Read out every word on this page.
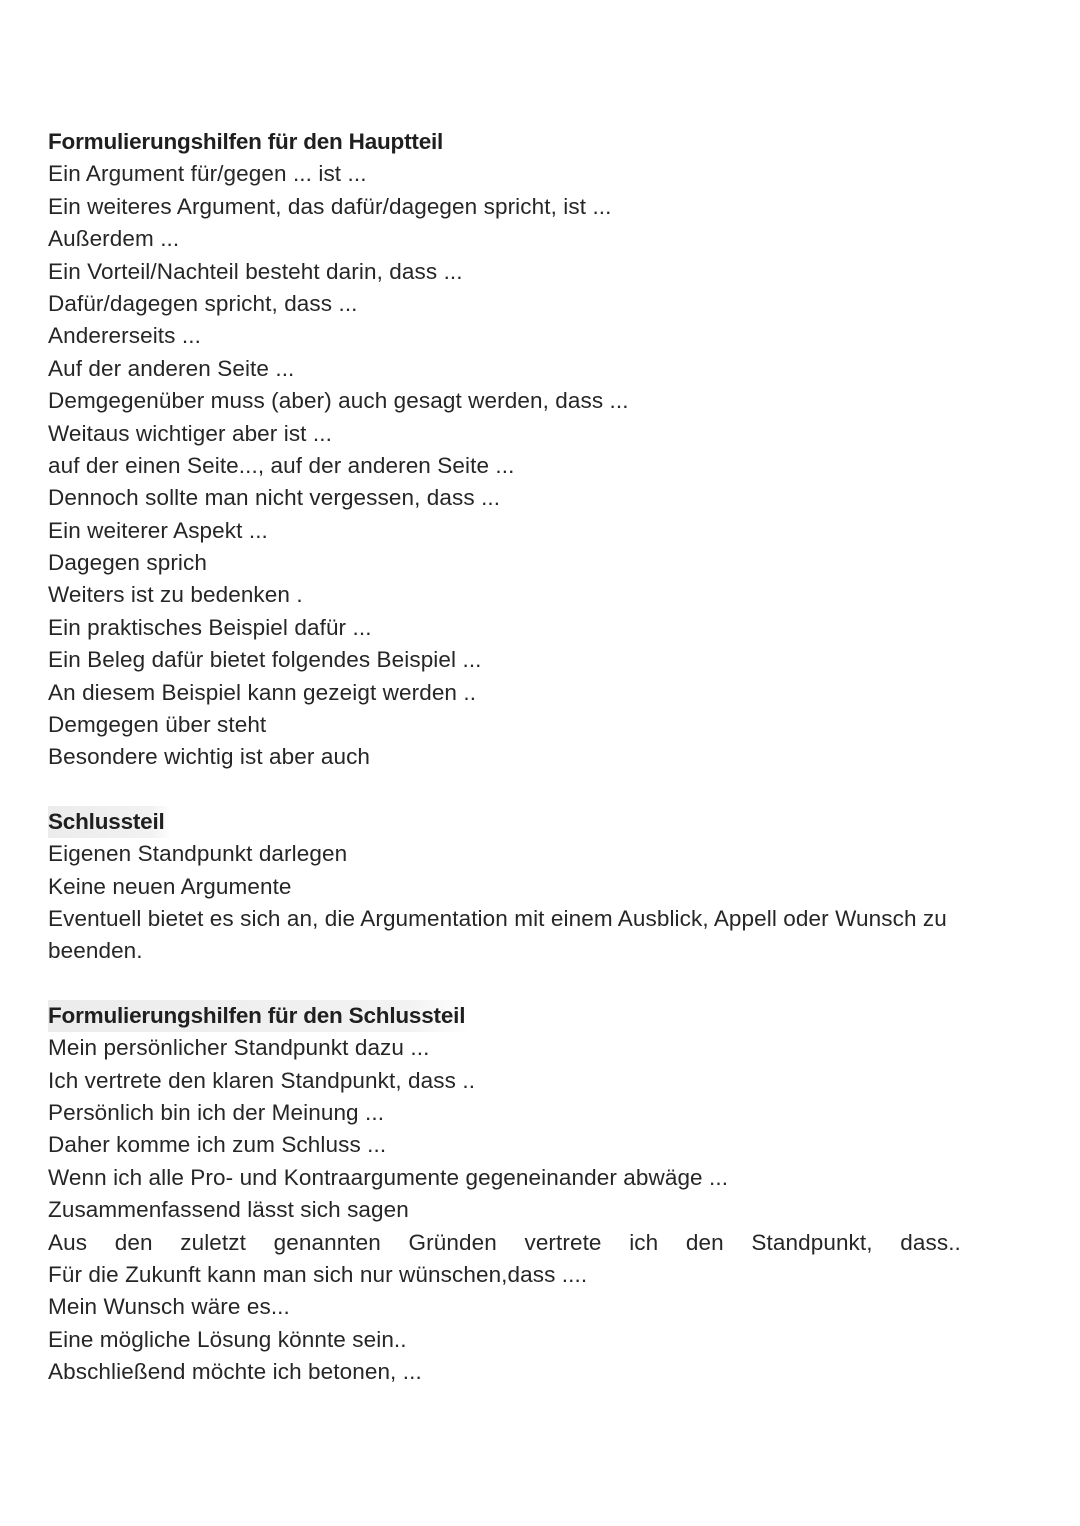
Formulierungshilfen für den Hauptteil
Ein Argument für/gegen ... ist ...
Ein weiteres Argument, das dafür/dagegen spricht, ist ...
Außerdem ...
Ein Vorteil/Nachteil besteht darin, dass ...
Dafür/dagegen spricht, dass ...
Andererseits ...
Auf der anderen Seite ...
Demgegenüber muss (aber) auch gesagt werden, dass ...
Weitaus wichtiger aber ist ...
auf der einen Seite..., auf der anderen Seite ...
Dennoch sollte man nicht vergessen, dass ...
Ein weiterer Aspekt ...
Dagegen sprich
Weiters ist zu bedenken .
Ein praktisches Beispiel dafür ...
Ein Beleg dafür bietet folgendes Beispiel ...
An diesem Beispiel kann gezeigt werden ..
Demgegen über steht
Besondere wichtig ist aber auch
Schlussteil
Eigenen Standpunkt darlegen
Keine neuen Argumente
Eventuell bietet es sich an, die Argumentation mit einem Ausblick, Appell oder Wunsch zu beenden.
Formulierungshilfen für den Schlussteil
Mein persönlicher Standpunkt dazu ...
Ich vertrete den klaren Standpunkt, dass ..
Persönlich bin ich der Meinung ...
Daher komme ich zum Schluss ...
Wenn ich alle Pro- und Kontraargumente gegeneinander abwäge ...
Zusammenfassend lässt sich sagen
Aus den zuletzt genannten Gründen vertrete ich den Standpunkt, dass..
Für die Zukunft kann man sich nur wünschen,dass ....
Mein Wunsch wäre es...
Eine mögliche Lösung könnte sein..
Abschließend möchte ich betonen, ...
